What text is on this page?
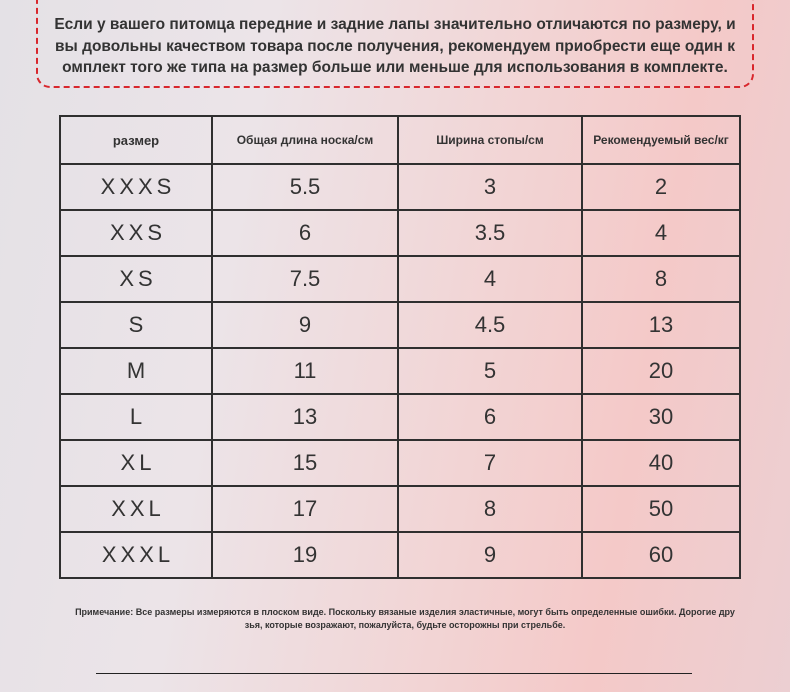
Если у вашего питомца передние и задние лапы значительно отличаются по размеру, и
вы довольны качеством товара после получения, рекомендуем приобрести еще один к
омплект того же типа на размер больше или меньше для использования в комплекте.
размер	Общая длина носка/см	Ширина стопы/см	Рекомендуемый вес/кг
XXXS	5.5	3	2
XXS	6	3.5	4
XS	7.5	4	8
S	9	4.5	13
M	11	5	20
L	13	6	30
XL	15	7	40
XXL	17	8	50
XXXL	19	9	60
Примечание: Все размеры измеряются в плоском виде. Поскольку вязаные изделия эластичные, могут быть определенные ошибки. Дорогие дру
зья, которые возражают, пожалуйста, будьте осторожны при стрельбе.
